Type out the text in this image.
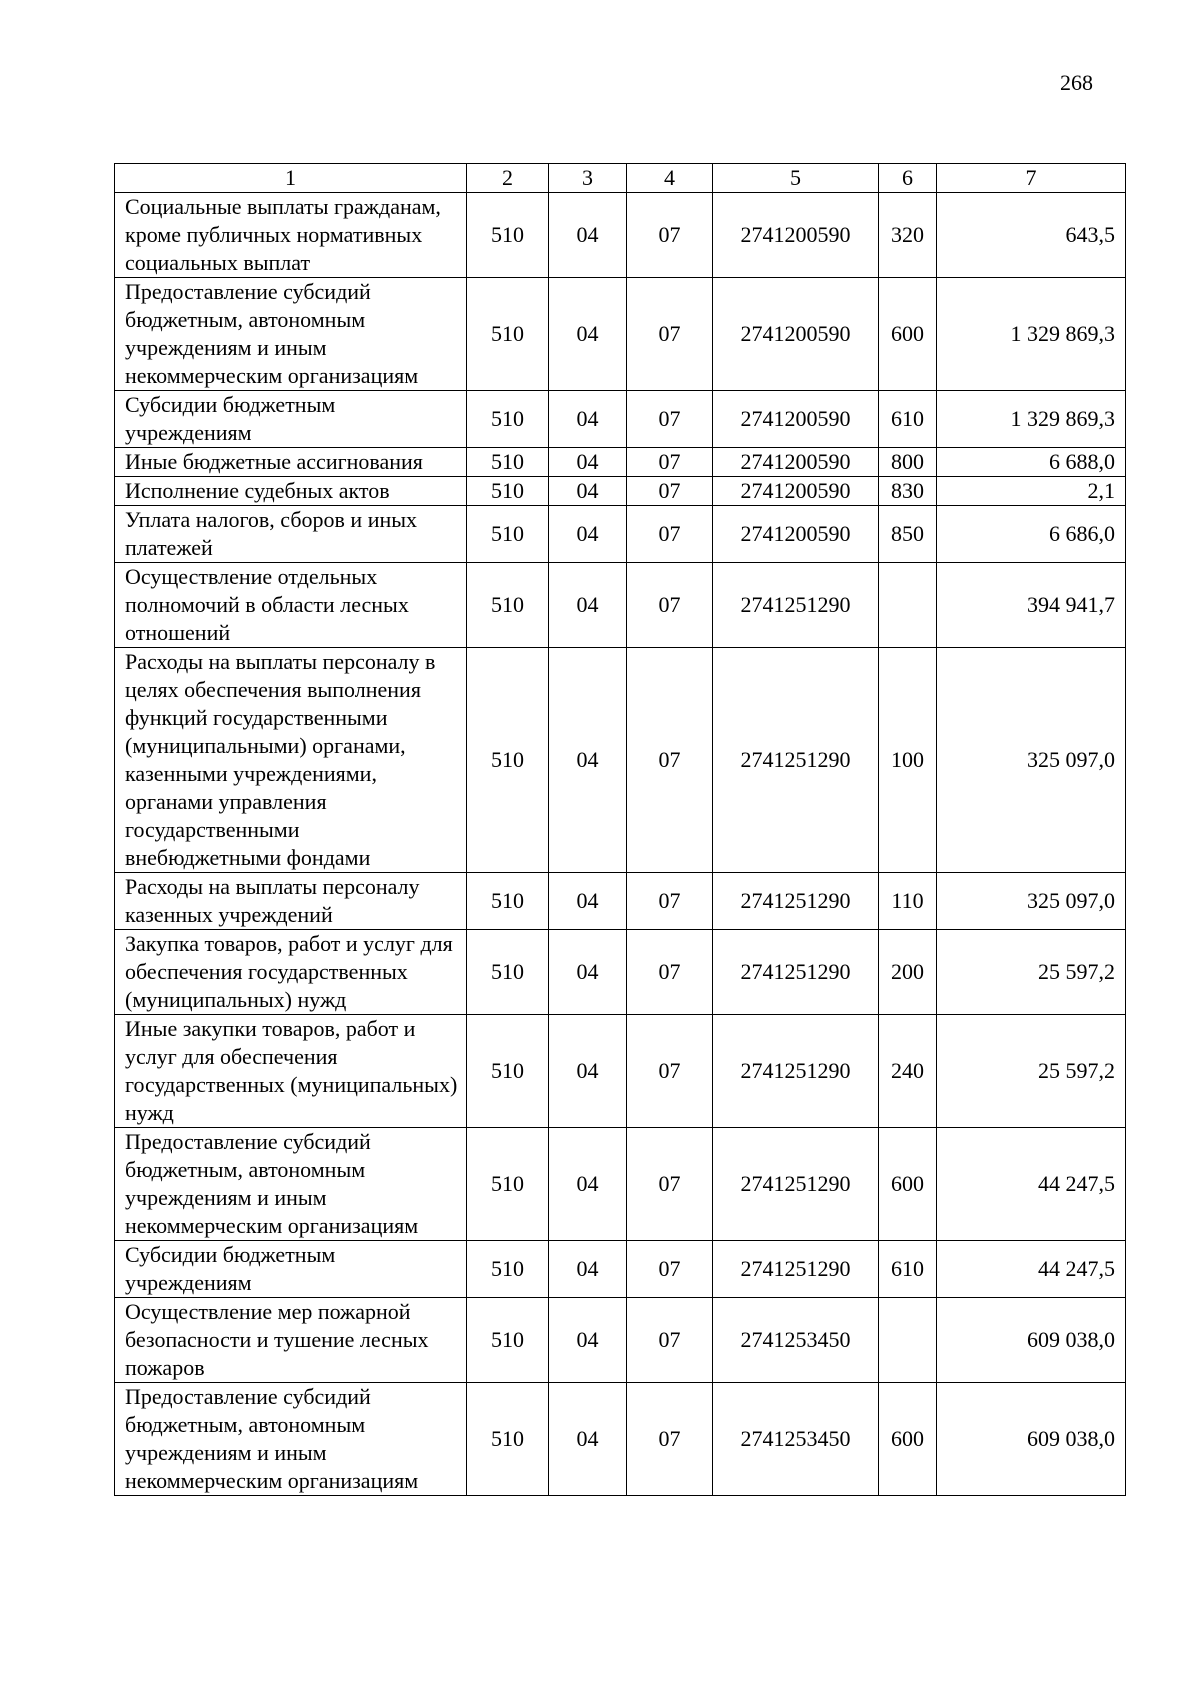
268
1	2	3	4	5	6	7
Социальные выплаты гражданам, кроме публичных нормативных социальных выплат	510	04	07	2741200590	320	643,5
Предоставление субсидий бюджетным, автономным учреждениям и иным некоммерческим организациям	510	04	07	2741200590	600	1 329 869,3
Субсидии бюджетным учреждениям	510	04	07	2741200590	610	1 329 869,3
Иные бюджетные ассигнования	510	04	07	2741200590	800	6 688,0
Исполнение судебных актов	510	04	07	2741200590	830	2,1
Уплата налогов, сборов и иных платежей	510	04	07	2741200590	850	6 686,0
Осуществление отдельных полномочий в области лесных отношений	510	04	07	2741251290		394 941,7
Расходы на выплаты персоналу в целях обеспечения выполнения функций государственными (муниципальными) органами, казенными учреждениями, органами управления государственными внебюджетными фондами	510	04	07	2741251290	100	325 097,0
Расходы на выплаты персоналу казенных учреждений	510	04	07	2741251290	110	325 097,0
Закупка товаров, работ и услуг для обеспечения государственных (муниципальных) нужд	510	04	07	2741251290	200	25 597,2
Иные закупки товаров, работ и услуг для обеспечения государственных (муниципальных) нужд	510	04	07	2741251290	240	25 597,2
Предоставление субсидий бюджетным, автономным учреждениям и иным некоммерческим организациям	510	04	07	2741251290	600	44 247,5
Субсидии бюджетным учреждениям	510	04	07	2741251290	610	44 247,5
Осуществление мер пожарной безопасности и тушение лесных пожаров	510	04	07	2741253450		609 038,0
Предоставление субсидий бюджетным, автономным учреждениям и иным некоммерческим организациям	510	04	07	2741253450	600	609 038,0
